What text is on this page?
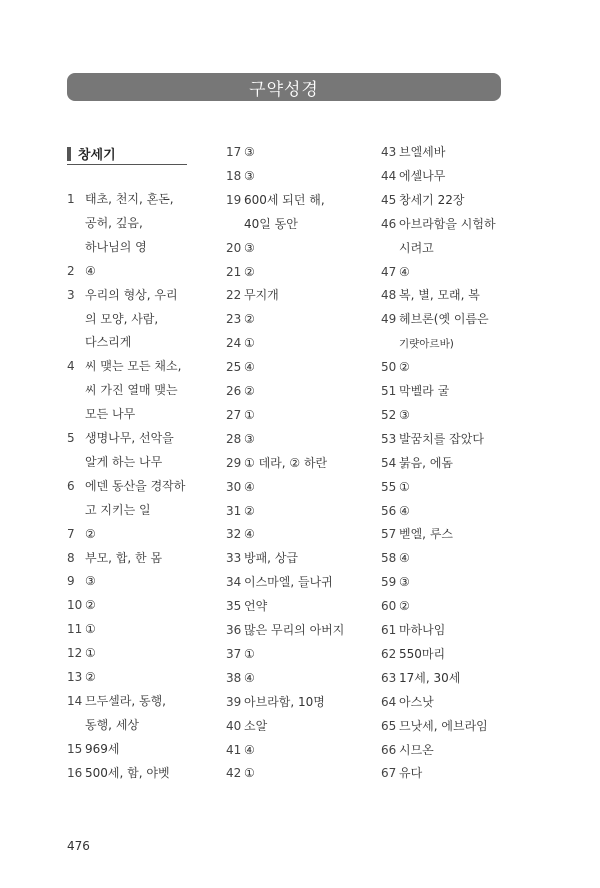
구약성경
창세기
1 태초, 천지, 혼돈,
공허, 깊음,
하나님의 영
2 ④
3 우리의 형상, 우리
의 모양, 사람,
다스리게
4 씨 맺는 모든 채소,
씨 가진 열매 맺는
모든 나무
5 생명나무, 선악을
알게 하는 나무
6 에덴 동산을 경작하
고 지키는 일
7 ②
8 부모, 합, 한 몸
9 ③
10 ②
11 ①
12 ①
13 ②
14 므두셀라, 동행,
동행, 세상
15 969세
16 500세, 함, 야벳
17 ③
18 ③
19 600세 되던 해,
40일 동안
20 ③
21 ②
22 무지개
23 ②
24 ①
25 ④
26 ②
27 ①
28 ③
29 ① 데라, ② 하란
30 ④
31 ②
32 ④
33 방패, 상급
34 이스마엘, 들나귀
35 언약
36 많은 무리의 아버지
37 ①
38 ④
39 아브라함, 10명
40 소알
41 ④
42 ①
43 브엘세바
44 에셀나무
45 창세기 22장
46 아브라함을 시험하
시려고
47 ④
48 복, 별, 모래, 복
49 헤브론(옛 이름은
기럇아르바)
50 ②
51 막벨라 굴
52 ③
53 발꿈치를 잡았다
54 붉음, 에돔
55 ①
56 ④
57 벧엘, 루스
58 ④
59 ③
60 ②
61 마하나임
62 550마리
63 17세, 30세
64 아스낫
65 므낫세, 에브라임
66 시므온
67 유다
476
